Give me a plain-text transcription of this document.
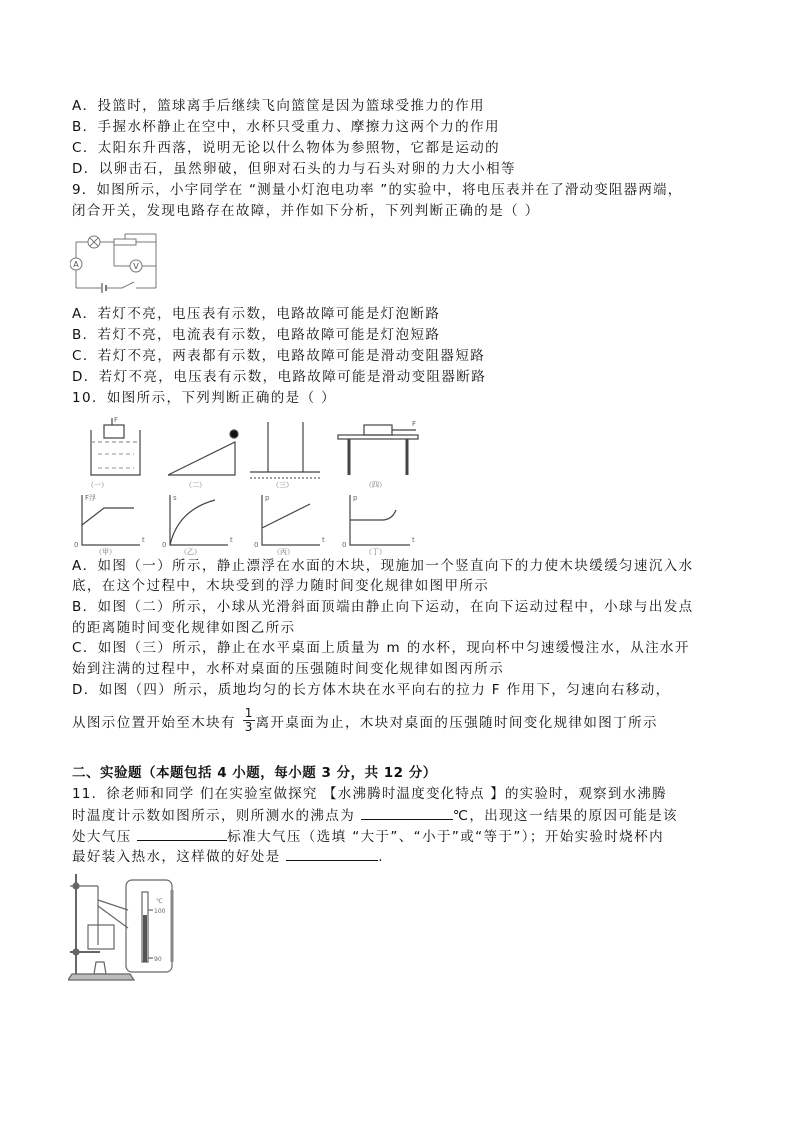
A．投篮时，篮球离手后继续飞向篮筐是因为篮球受推力的作用
B．手握水杯静止在空中，水杯只受重力、摩擦力这两个力的作用
C．太阳东升西落，说明无论以什么物体为参照物，它都是运动的
D．以卵击石，虽然卵破，但卵对石头的力与石头对卵的力大小相等
9．如图所示，小宇同学在 “测量小灯泡电功率 ”的实验中，将电压表并在了滑动变阻器两端，
闭合开关，发现电路存在故障，并作如下分析，下列判断正确的是（ ）
A	V
A．若灯不亮，电压表有示数，电路故障可能是灯泡断路
B．若灯不亮，电流表有示数，电路故障可能是灯泡短路
C．若灯不亮，两表都有示数，电路故障可能是滑动变阻器短路
D．若灯不亮，电压表有示数，电路故障可能是滑动变阻器断路
10．如图所示，下列判断正确的是（ ）
（一）	（二）	（三）	（四）
（甲）	（乙）	（丙）	（丁）
F浮	s	p	p
t	t	t	t
0	0	0	0
F	F
A．如图（一）所示，静止漂浮在水面的木块，现施加一个竖直向下的力使木块缓缓匀速沉入水
底，在这个过程中，木块受到的浮力随时间变化规律如图甲所示
B．如图（二）所示，小球从光滑斜面顶端由静止向下运动，在向下运动过程中，小球与出发点
的距离随时间变化规律如图乙所示
C．如图（三）所示，静止在水平桌面上质量为 m 的水杯，现向杯中匀速缓慢注水，从注水开
始到注满的过程中，水杯对桌面的压强随时间变化规律如图丙所示
D．如图（四）所示，质地均匀的长方体木块在水平向右的拉力 F 作用下，匀速向右移动，
从图示位置开始至木块有 $\frac{1}{3}$ 离开桌面为止，木块对桌面的压强随时间变化规律如图丁所示
二、实验题（本题包括 4 小题，每小题 3 分，共 12 分）
11．徐老师和同学 们在实验室做探究 【水沸腾时温度变化特点 】的实验时，观察到水沸腾
时温度计示数如图所示，则所测水的沸点为	℃，出现这一结果的原因可能是该
处大气压	标准大气压（选填 “大于”、“小于”或“等于”）；开始实验时烧杯内
最好装入热水，这样做的好处是	.
℃
100
90
